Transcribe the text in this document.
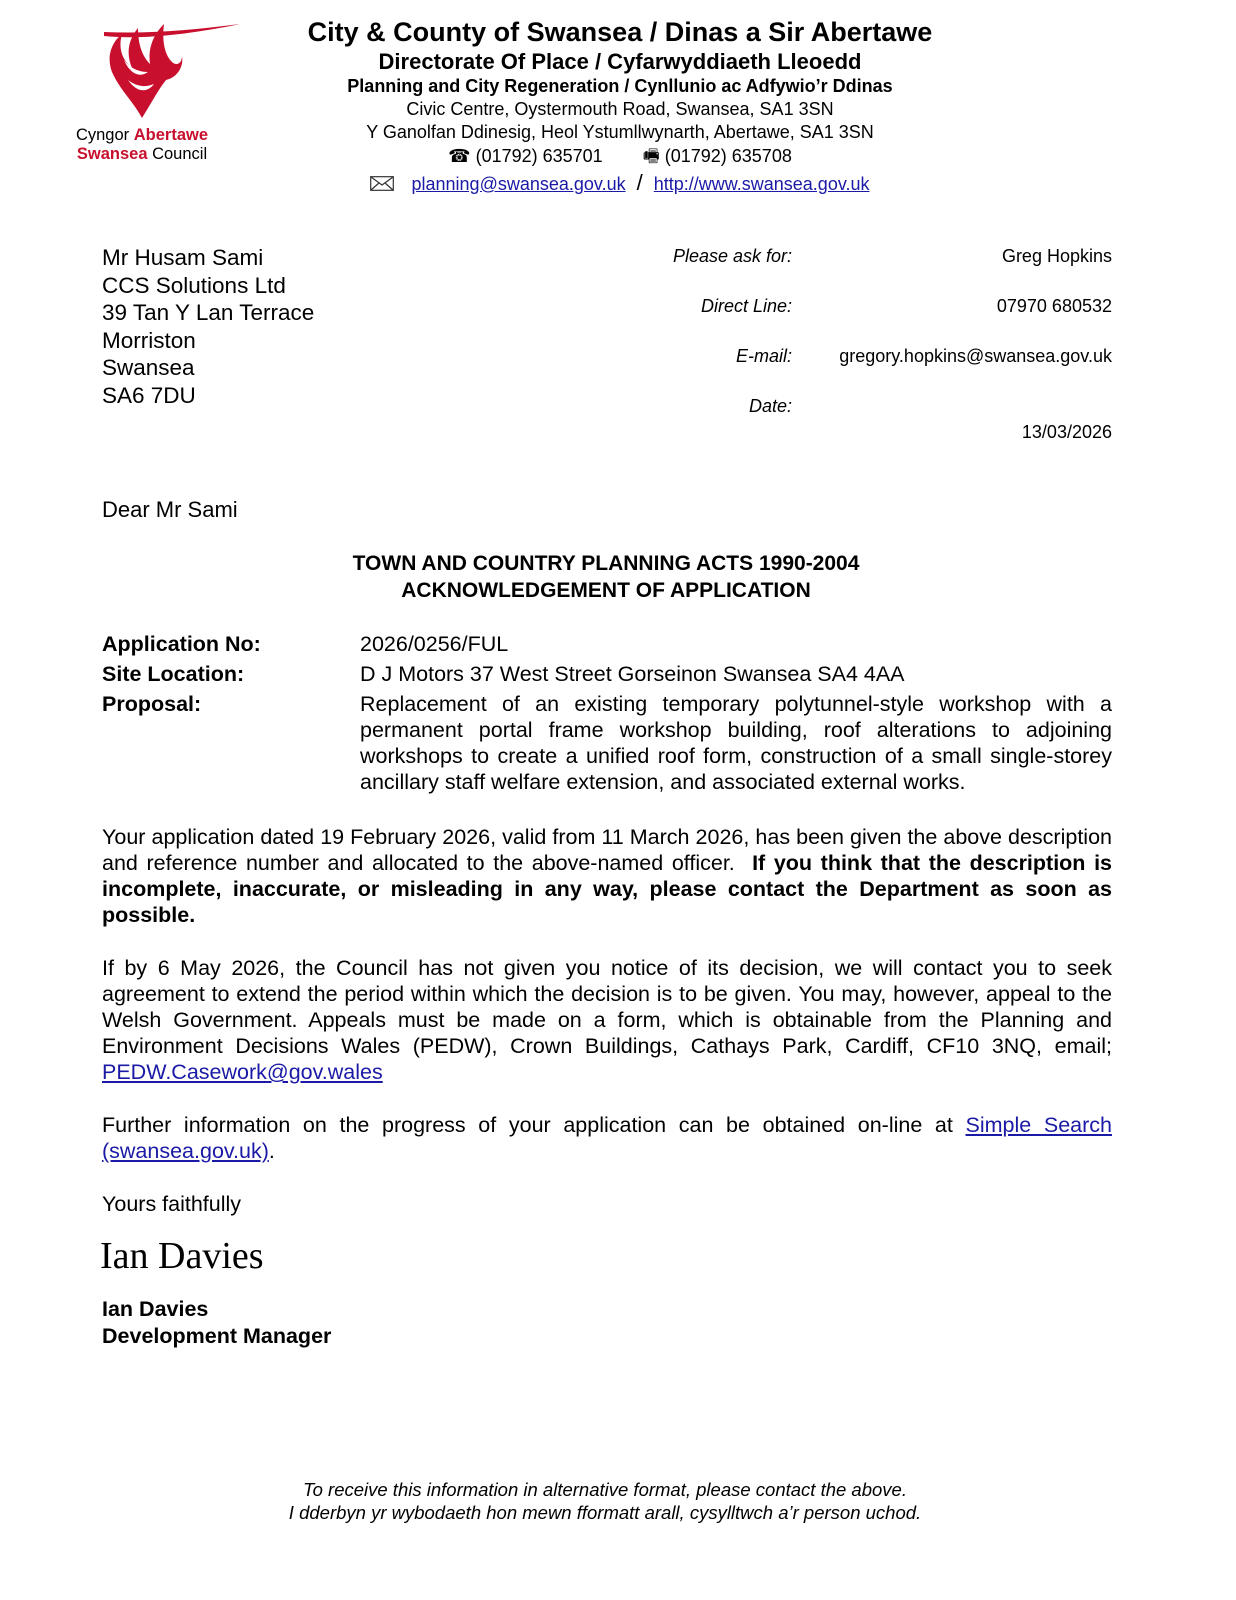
Cyngor Abertawe
Swansea Council
City & County of Swansea / Dinas a Sir Abertawe
Directorate Of Place / Cyfarwyddiaeth Lleoedd
Planning and City Regeneration / Cynllunio ac Adfywio’r Ddinas
Civic Centre, Oystermouth Road, Swansea, SA1 3SN
Y Ganolfan Ddinesig, Heol Ystumllwynarth, Abertawe, SA1 3SN
☎ (01792) 635701 🖷 (01792) 635708
planning@swansea.gov.uk / http://www.swansea.gov.uk
Mr Husam Sami
CCS Solutions Ltd
39 Tan Y Lan Terrace
Morriston
Swansea
SA6 7DU
Please ask for:	Greg Hopkins
Direct Line:	07970 680532
E-mail:	gregory.hopkins@swansea.gov.uk
Date:
13/03/2026
Dear Mr Sami
TOWN AND COUNTRY PLANNING ACTS 1990-2004
ACKNOWLEDGEMENT OF APPLICATION
Application No:	2026/0256/FUL
Site Location:	D J Motors 37 West Street Gorseinon Swansea SA4 4AA
Proposal:	Replacement of an existing temporary polytunnel-style workshop with a permanent portal frame workshop building, roof alterations to adjoining workshops to create a unified roof form, construction of a small single-storey ancillary staff welfare extension, and associated external works.
Your application dated 19 February 2026, valid from 11 March 2026, has been given the above description and reference number and allocated to the above-named officer. If you think that the description is incomplete, inaccurate, or misleading in any way, please contact the Department as soon as possible.
If by 6 May 2026, the Council has not given you notice of its decision, we will contact you to seek agreement to extend the period within which the decision is to be given. You may, however, appeal to the Welsh Government. Appeals must be made on a form, which is obtainable from the Planning and Environment Decisions Wales (PEDW), Crown Buildings, Cathays Park, Cardiff, CF10 3NQ, email; PEDW.Casework@gov.wales
Further information on the progress of your application can be obtained on-line at Simple Search (swansea.gov.uk).
Yours faithfully
Ian Davies
Ian Davies
Development Manager
To receive this information in alternative format, please contact the above.
I dderbyn yr wybodaeth hon mewn fformatt arall, cysylltwch a’r person uchod.
